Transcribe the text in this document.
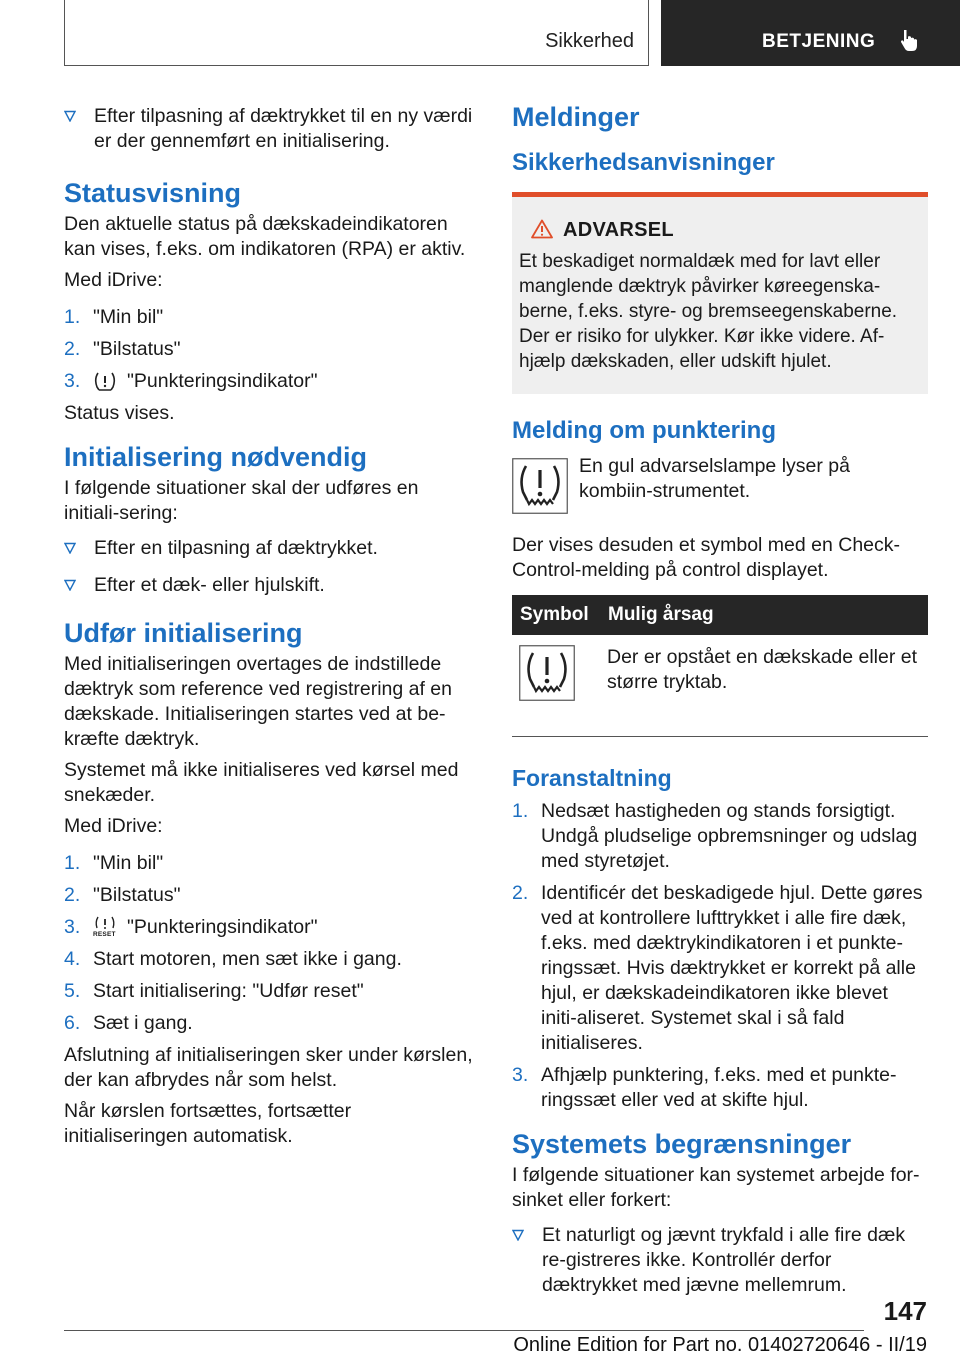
Sikkerhed	BETJENING
Efter tilpasning af dæktrykket til en ny værdi er der gennemført en initialisering.
Statusvisning

Den aktuelle status på dækskadeindikatoren kan vises, f.eks. om indikatoren (RPA) er aktiv.

Med iDrive:

1. "Min bil"
2. "Bilstatus"
3. "Punkteringsindikator"

Status vises.

Initialisering nødvendig

I følgende situationer skal der udføres en initiali-sering:

Efter en tilpasning af dæktrykket.
Efter et dæk- eller hjulskift.
Udfør initialisering

Med initialiseringen overtages de indstillede dæktryk som reference ved registrering af en dækskade. Initialiseringen startes ved at be-kræfte dæktryk.

Systemet må ikke initialiseres ved kørsel med snekæder.

Med iDrive:

1. "Min bil"
2. "Bilstatus"
3. RESET "Punkteringsindikator"
4. Start motoren, men sæt ikke i gang.
5. Start initialisering: "Udfør reset"
6. Sæt i gang.

Afslutning af initialiseringen sker under kørslen, der kan afbrydes når som helst.

Når kørslen fortsættes, fortsætter initialiseringen automatisk.

Meldinger
Sikkerhedsanvisninger
ADVARSEL

Et beskadiget normaldæk med for lavt eller manglende dæktryk påvirker køreegenska-berne, f.eks. styre- og bremseegenskaberne. Der er risiko for ulykker. Kør ikke videre. Af-hjælp dækskaden, eller udskift hjulet.

Melding om punktering

En gul advarselslampe lyser på kombiin-strumentet.

Der vises desuden et symbol med en Check-Control-melding på control displayet.

Symbol	Mulig årsag
	Der er opstået en dækskade eller et større tryktab.
Foranstaltning
1. Nedsæt hastigheden og stands forsigtigt. Undgå pludselige opbremsninger og udslag med styretøjet.
2. Identificér det beskadigede hjul. Dette gøres ved at kontrollere lufttrykket i alle fire dæk, f.eks. med dæktrykindikatoren i et punkte-ringssæt. Hvis dæktrykket er korrekt på alle hjul, er dækskadeindikatoren ikke blevet initi-aliseret. Systemet skal i så fald initialiseres.
3. Afhjælp punktering, f.eks. med et punkte-ringssæt eller ved at skifte hjul.
Systemets begrænsninger

I følgende situationer kan systemet arbejde for-sinket eller forkert:

Et naturligt og jævnt trykfald i alle fire dæk re-gistreres ikke. Kontrollér derfor dæktrykket med jævne mellemrum.
147
Online Edition for Part no. 01402720646 - II/19
